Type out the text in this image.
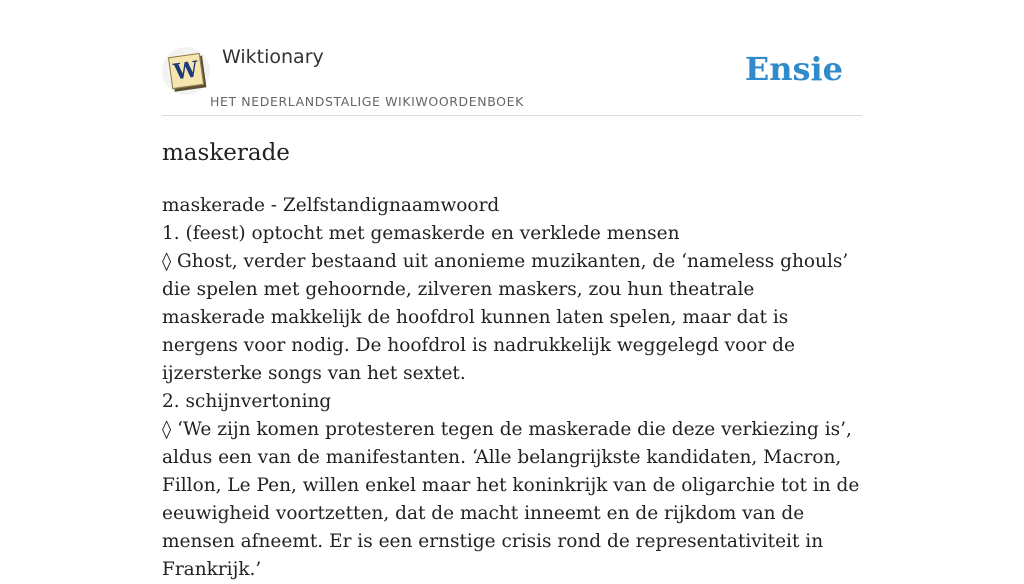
W Wiktionary
HET NEDERLANDSTALIGE WIKIWOORDENBOEK
Ensie
maskerade
maskerade - Zelfstandignaamwoord
1. (feest) optocht met gemaskerde en verklede mensen
◊ Ghost, verder bestaand uit anonieme muzikanten, de ‘nameless ghouls’ die spelen met gehoornde, zilveren maskers, zou hun theatrale maskerade makkelijk de hoofdrol kunnen laten spelen, maar dat is nergens voor nodig. De hoofdrol is nadrukkelijk weggelegd voor de ijzersterke songs van het sextet.
2. schijnvertoning
◊ ‘We zijn komen protesteren tegen de maskerade die deze verkiezing is’, aldus een van de manifestanten. ‘Alle belangrijkste kandidaten, Macron, Fillon, Le Pen, willen enkel maar het koninkrijk van de oligarchie tot in de eeuwigheid voortzetten, dat de macht inneemt en de rijkdom van de mensen afneemt. Er is een ernstige crisis rond de representativiteit in Frankrijk.’
